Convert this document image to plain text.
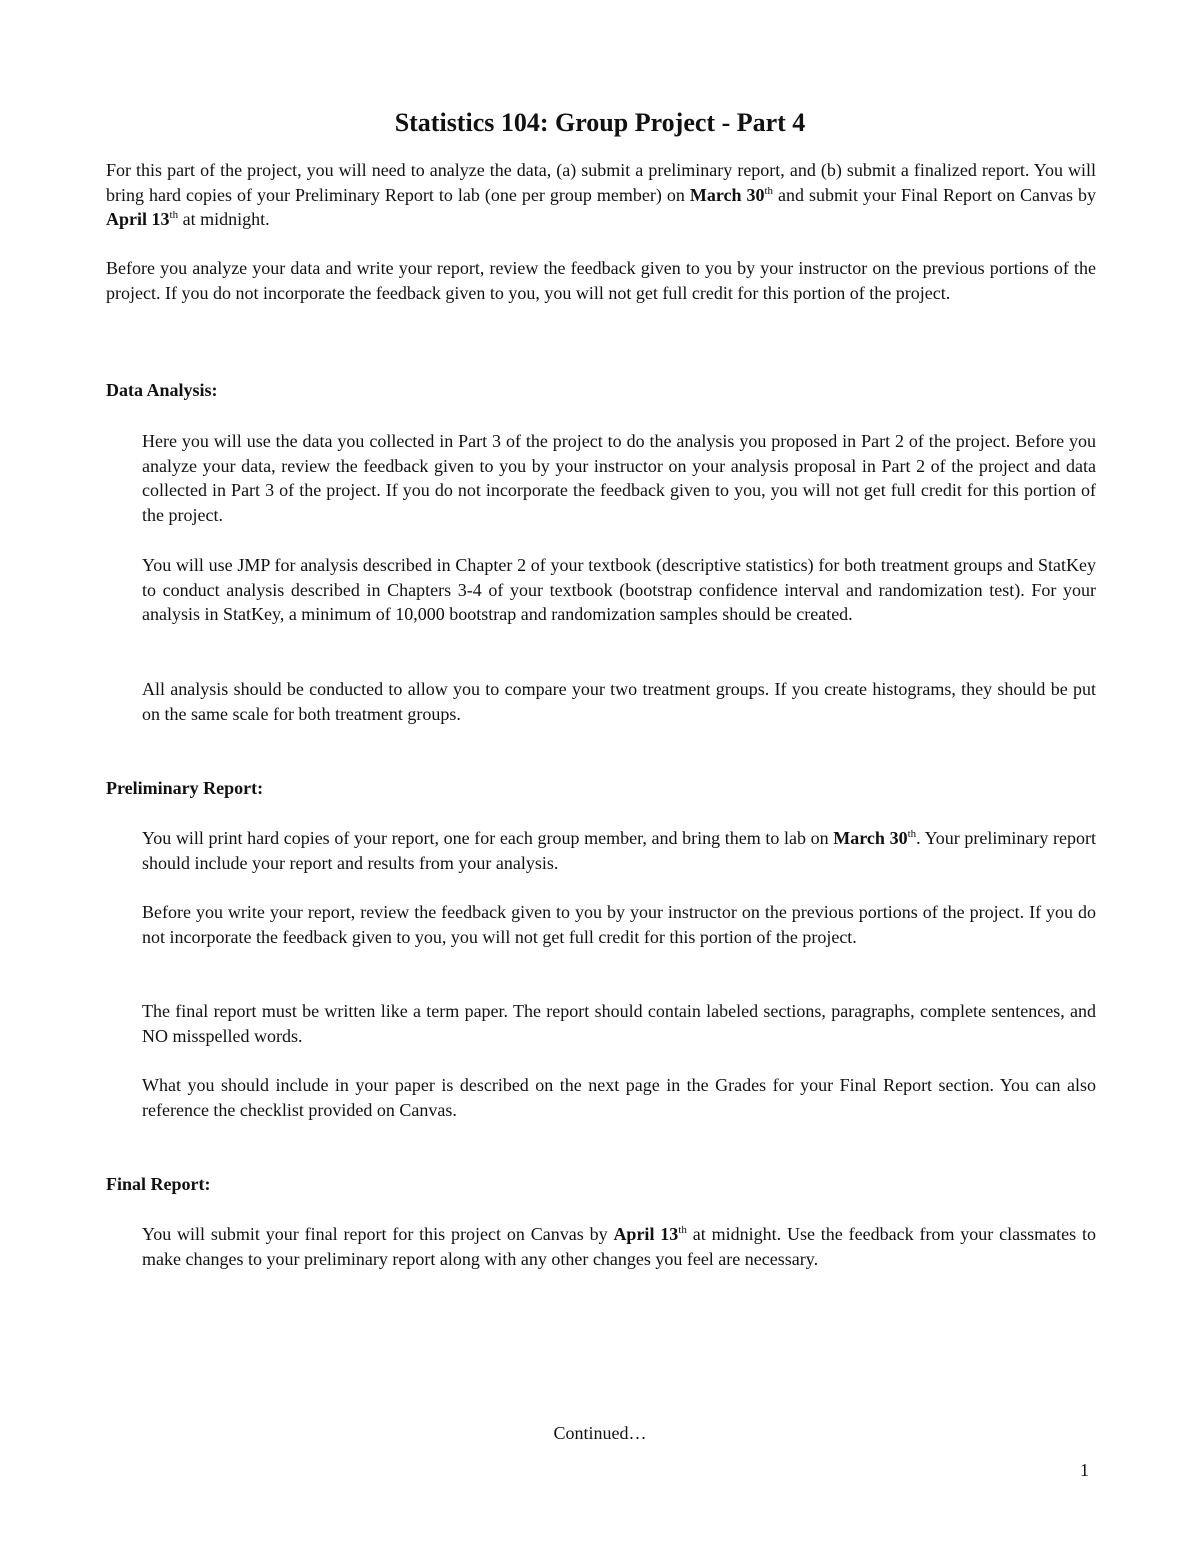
Statistics 104: Group Project - Part 4

For this part of the project, you will need to analyze the data, (a) submit a preliminary report, and (b) submit a finalized report. You will bring hard copies of your Preliminary Report to lab (one per group member) on March 30th and submit your Final Report on Canvas by April 13th at midnight.

Before you analyze your data and write your report, review the feedback given to you by your instructor on the previous portions of the project. If you do not incorporate the feedback given to you, you will not get full credit for this portion of the project.

Data Analysis:

Here you will use the data you collected in Part 3 of the project to do the analysis you proposed in Part 2 of the project. Before you analyze your data, review the feedback given to you by your instructor on your analysis proposal in Part 2 of the project and data collected in Part 3 of the project. If you do not incorporate the feedback given to you, you will not get full credit for this portion of the project.

You will use JMP for analysis described in Chapter 2 of your textbook (descriptive statistics) for both treatment groups and StatKey to conduct analysis described in Chapters 3-4 of your textbook (bootstrap confidence interval and randomization test). For your analysis in StatKey, a minimum of 10,000 bootstrap and randomization samples should be created.

All analysis should be conducted to allow you to compare your two treatment groups. If you create histograms, they should be put on the same scale for both treatment groups.

Preliminary Report:

You will print hard copies of your report, one for each group member, and bring them to lab on March 30th. Your preliminary report should include your report and results from your analysis.

Before you write your report, review the feedback given to you by your instructor on the previous portions of the project. If you do not incorporate the feedback given to you, you will not get full credit for this portion of the project.

The final report must be written like a term paper. The report should contain labeled sections, paragraphs, complete sentences, and NO misspelled words.

What you should include in your paper is described on the next page in the Grades for your Final Report section. You can also reference the checklist provided on Canvas.

Final Report:

You will submit your final report for this project on Canvas by April 13th at midnight. Use the feedback from your classmates to make changes to your preliminary report along with any other changes you feel are necessary.

Continued…

1
